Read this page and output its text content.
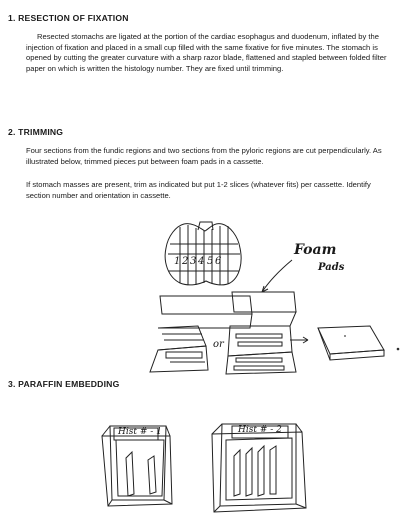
1. RESECTION OF FIXATION

Resected stomachs are ligated at the portion of the cardiac esophagus and duodenum, inflated by the injection of fixation and placed in a small cup filled with the same fixative for five minutes. The stomach is opened by cutting the greater curvature with a sharp razor blade, flattened and stapled between folded filter paper on which is written the histology number. They are fixed until trimming.

2. TRIMMING

Four sections from the fundic regions and two sections from the pyloric regions are cut perpendicularly. As illustrated below, trimmed pieces put between foam pads in a cassette.

If stomach masses are present, trim as indicated but put 1-2 slices (whatever fits) per cassette. Identify section number and orientation in cassette.

1 2 3 4 5 6
Foam
Pads
or
3. PARAFFIN EMBEDDING
Hist # - 1	Hist # - 2
